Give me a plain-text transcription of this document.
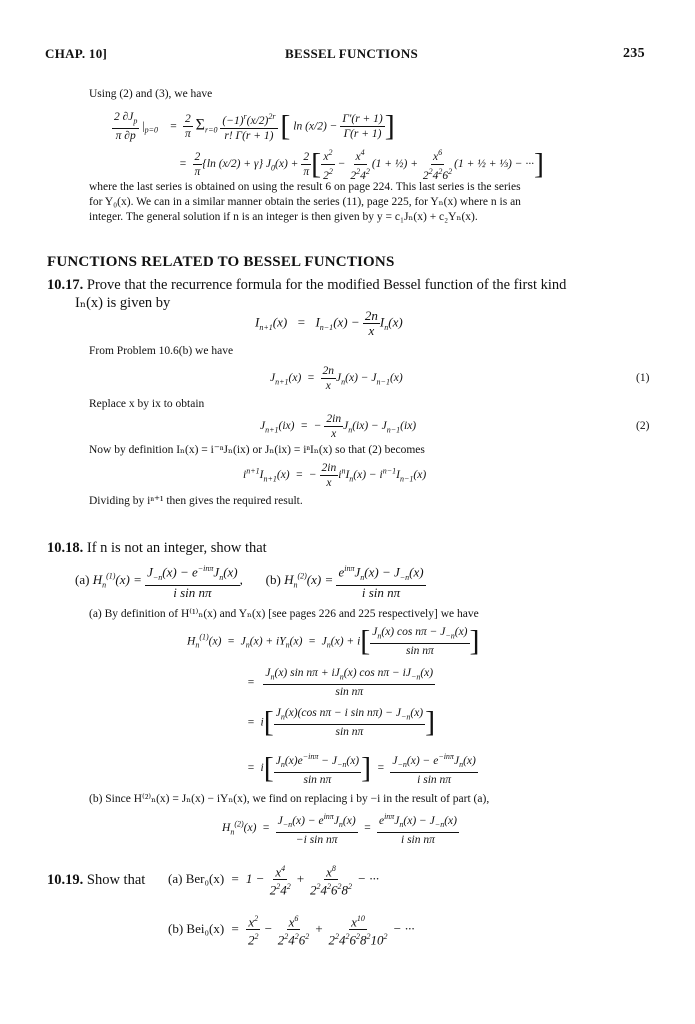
CHAP. 10]	BESSEL FUNCTIONS	235
Using (2) and (3), we have
$\frac{2 \partial J_p}{\pi \partial p} |_{p=0}$    = $\frac{2}{\pi} \Sigma_{r=0} \frac{(-1)^r(x/2)^{2r}}{r! \Gamma(r + 1)}$ [ $\ln (x/2) - \frac{\Gamma'(r + 1)}{\Gamma(r + 1)}$ ]
= $\frac{2}{\pi} \{\ln$ (x/2) + γ} $J_0(x) + \frac{2}{\pi}$ [ $\frac{x^2}{2^2} - \frac{x^4}{2^24^2} (1$ + ½) + $\frac{x^6}{2^24^26^2} (1$ + ½ + ⅓) − ···]
where the last series is obtained on using the result 6 on page 224. This last series is the series
for Y₀(x). We can in a similar manner obtain the series (11), page 225, for Yₙ(x) where n is an
integer. The general solution if n is an integer is then given by y = c₁Jₙ(x) + c₂Yₙ(x).
FUNCTIONS RELATED TO BESSEL FUNCTIONS
10.17. Prove that the recurrence formula for the modified Bessel function of the first kind
Iₙ(x) is given by
$I_{n+1}(x) = I_{n-1}(x) - \frac{2n}{x} I_n(x)$
From Problem 10.6(b) we have
$J_{n+1}(x) = \frac{2n}{x} J_n(x) - J_{n-1}(x)$	(1)
Replace x by ix to obtain
$J_{n+1}(ix)$  =  − $\frac{2in}{x} J_n(ix) - J_{n-1}(ix)$	(2)
Now by definition Iₙ(x) = i⁻ⁿJₙ(ix) or Jₙ(ix) = iⁿIₙ(x) so that (2) becomes
$i^{n+1}I_{n+1}(x)$  =  − $\frac{2in}{x} i^nI_n(x) - i^{n-1}I_{n-1}(x)$
Dividing by iⁿ⁺¹ then gives the required result.
10.18. If n is not an integer, show that
(a) $H_n^{(1)}(x) = \frac{J_{-n}(x) - e^{-in\pi}J_n(x)}{\text{i sin nπ}}$ ,       (b) $H_n^{(2)}(x) = \frac{e^{in\pi}J_n(x) - J_{-n}(x)}{\text{i sin nπ}}$
(a) By definition of H⁽¹⁾ₙ(x) and Yₙ(x) [see pages 226 and 225 respectively] we have
$H_n^{(1)}(x) = J_n(x) + iY_n(x) = J_n(x) + i[ \frac{J_n(x) \cos n\pi - J_{-n}(x)}{\text{sin nπ}}$ ]
= $\frac{J_n(x) \sin n\pi + iJ_n(x) \cos n\pi - iJ_{-n}(x)}{\text{sin nπ}}$
=  $i[ \frac{J_n(x)(\cos n\pi - i \sin n\pi) - J_{-n}(x)}{\text{sin nπ}}$ ]
=  $i[ \frac{J_n(x)e^{-in\pi} - J_{-n}(x)}{\text{sin nπ}}$ ]  = $\frac{J_{-n}(x) - e^{-in\pi}J_n(x)}{\text{i sin nπ}}$
(b) Since H⁽²⁾ₙ(x) = Jₙ(x) − iYₙ(x), we find on replacing i by −i in the result of part (a),
$H_n^{(2)}(x) = \frac{J_{-n}(x) - e^{in\pi}J_n(x)}{\text{−i sin nπ}} = \frac{e^{in\pi}J_n(x) - J_{-n}(x)}{\text{i sin nπ}}$
10.19. Show that (a) $Ber_0(x) = 1 - \frac{x^4}{2^24^2} + \frac{x^8}{2^24^26^28^2}$ − ···
(b) $Bei_0(x) = \frac{x^2}{2^2} - \frac{x^6}{2^24^26^2} + \frac{x^{10}}{2^24^26^28^210^2}$ − ···
